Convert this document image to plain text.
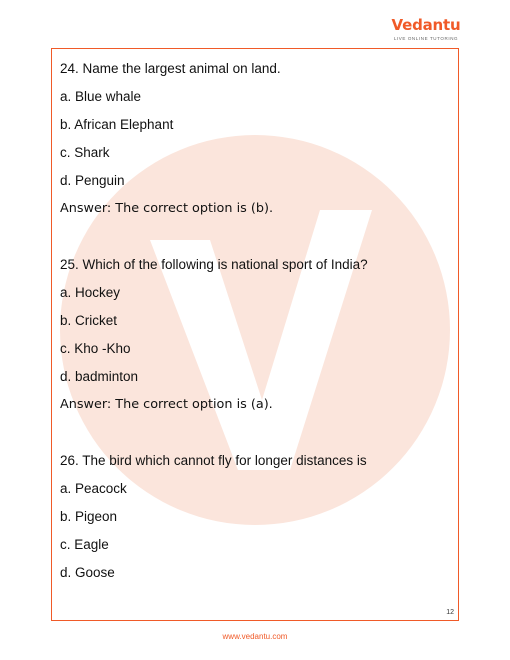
Vedantu
LIVE ONLINE TUTORING
24. Name the largest animal on land.
a. Blue whale
b. African Elephant
c. Shark
d. Penguin
Answer: The correct option is (b).
25. Which of the following is national sport of India?
a. Hockey
b. Cricket
c. Kho -Kho
d. badminton
Answer: The correct option is (a).
26. The bird which cannot fly for longer distances is
a. Peacock
b. Pigeon
c. Eagle
d. Goose
12
www.vedantu.com
